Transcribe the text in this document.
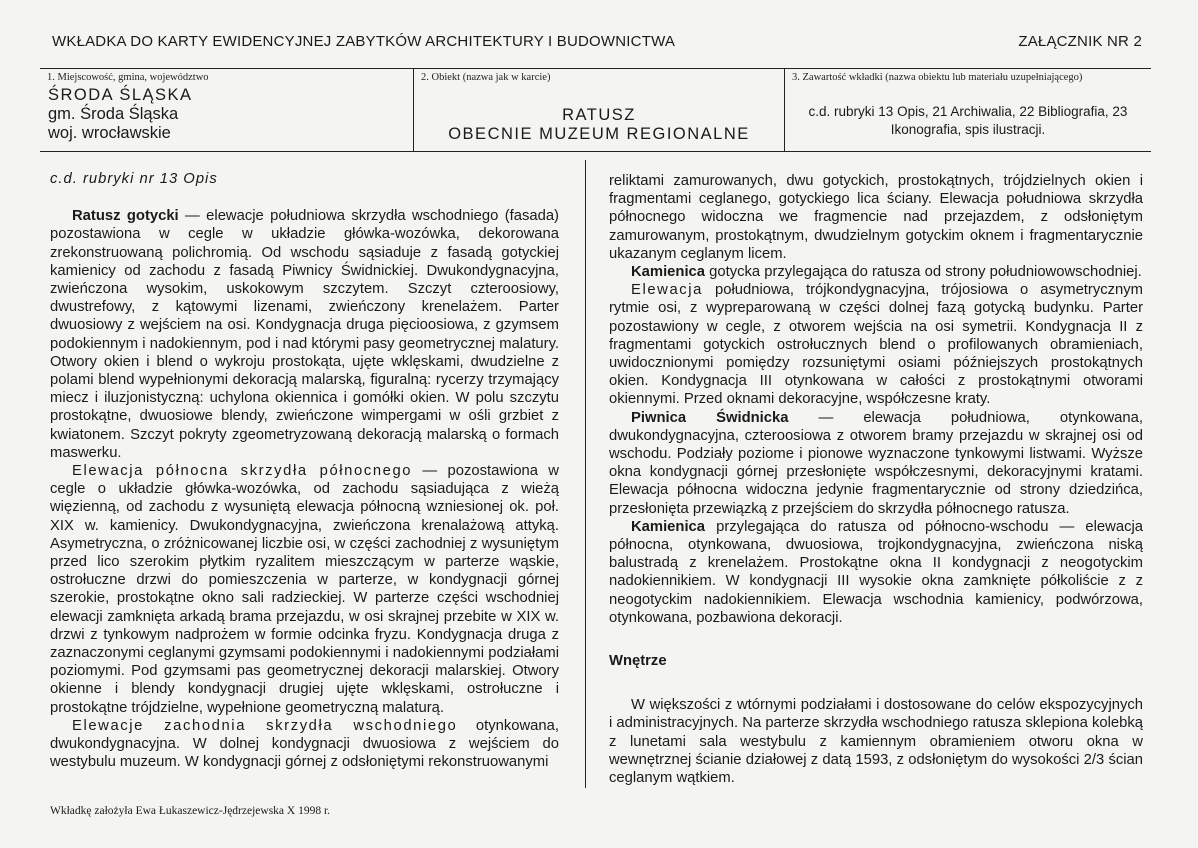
WKŁADKA DO KARTY EWIDENCYJNEJ ZABYTKÓW ARCHITEKTURY I BUDOWNICTWA	ZAŁĄCZNIK NR 2
1. Miejscowość, gmina, województwo
ŚRODA ŚLĄSKA
gm. Środa Śląska
woj. wrocławskie
2. Obiekt (nazwa jak w karcie)
RATUSZ
OBECNIE MUZEUM REGIONALNE
3. Zawartość wkładki (nazwa obiektu lub materiału uzupełniającego)
c.d. rubryki 13 Opis, 21 Archiwalia, 22 Bibliografia, 23
Ikonografia, spis ilustracji.

c.d. rubryki nr 13 Opis

Ratusz gotycki — elewacje południowa skrzydła wschodniego (fasada) pozostawiona w cegle w układzie główka-wozówka, dekorowana zrekonstruowaną polichromią. Od wschodu sąsiaduje z fasadą gotyckiej kamienicy od zachodu z fasadą Piwnicy Świdnickiej. Dwukondygnacyjna, zwieńczona wysokim, uskokowym szczytem. Szczyt czteroosiowy, dwustrefowy, z kątowymi lizenami, zwieńczony krenelażem. Parter dwuosiowy z wejściem na osi. Kondygnacja druga pięcioosiowa, z gzymsem podokiennym i nadokiennym, pod i nad którymi pasy geometrycznej malatury. Otwory okien i blend o wykroju prostokąta, ujęte wklęskami, dwudzielne z polami blend wypełnionymi dekoracją malarską, figuralną: rycerzy trzymający miecz i iluzjonistyczną: uchylona okiennica i gomółki okien. W polu szczytu prostokątne, dwuosiowe blendy, zwieńczone wimpergami w ośli grzbiet z kwiatonem. Szczyt pokryty zgeometryzowaną dekoracją malarską o formach maswerku.

Elewacja północna skrzydła północnego — pozostawiona w cegle o układzie główka-wozówka, od zachodu sąsiadująca z wieżą więzienną, od zachodu z wysuniętą elewacja północną wzniesionej ok. poł. XIX w. kamienicy. Dwukondygnacyjna, zwieńczona krenalażową attyką. Asymetryczna, o zróżnicowanej liczbie osi, w części zachodniej z wysuniętym przed lico szerokim płytkim ryzalitem mieszczącym w parterze wąskie, ostrołuczne drzwi do pomieszczenia w parterze, w kondygnacji górnej szerokie, prostokątne okno sali radzieckiej. W parterze części wschodniej elewacji zamknięta arkadą brama przejazdu, w osi skrajnej przebite w XIX w. drzwi z tynkowym nadprożem w formie odcinka fryzu. Kondygnacja druga z zaznaczonymi ceglanymi gzymsami podokiennymi i nadokiennymi podziałami poziomymi. Pod gzymsami pas geometrycznej dekoracji malarskiej. Otwory okienne i blendy kondygnacji drugiej ujęte wklęskami, ostrołuczne i prostokątne trójdzielne, wypełnione geometryczną malaturą.

Elewacje zachodnia skrzydła wschodniego otynkowana, dwukondygnacyjna. W dolnej kondygnacji dwuosiowa z wejściem do westybulu muzeum. W kondygnacji górnej z odsłoniętymi rekonstruowanymi

reliktami zamurowanych, dwu gotyckich, prostokątnych, trójdzielnych okien i fragmentami ceglanego, gotyckiego lica ściany. Elewacja południowa skrzydła północnego widoczna we fragmencie nad przejazdem, z odsłoniętym zamurowanym, prostokątnym, dwudzielnym gotyckim oknem i fragmentarycznie ukazanym ceglanym licem.

Kamienica gotycka przylegająca do ratusza od strony południowowschodniej.

Elewacja południowa, trójkondygnacyjna, trójosiowa o asymetrycznym rytmie osi, z wypreparowaną w części dolnej fazą gotycką budynku. Parter pozostawiony w cegle, z otworem wejścia na osi symetrii. Kondygnacja II z fragmentami gotyckich ostrołucznych blend o profilowanych obramieniach, uwidocznionymi pomiędzy rozsuniętymi osiami późniejszych prostokątnych okien. Kondygnacja III otynkowana w całości z prostokątnymi otworami okiennymi. Przed oknami dekoracyjne, współczesne kraty.

Piwnica Świdnicka — elewacja południowa, otynkowana, dwukondygnacyjna, czteroosiowa z otworem bramy przejazdu w skrajnej osi od wschodu. Podziały poziome i pionowe wyznaczone tynkowymi listwami. Wyższe okna kondygnacji górnej przesłonięte współczesnymi, dekoracyjnymi kratami. Elewacja północna widoczna jedynie fragmentarycznie od strony dziedzińca, przesłonięta przewiązką z przejściem do skrzydła północnego ratusza.

Kamienica przylegająca do ratusza od północno-wschodu — elewacja północna, otynkowana, dwuosiowa, trojkondygnacyjna, zwieńczona niską balustradą z krenelażem. Prostokątne okna II kondygnacji z neogotyckim nadokiennikiem. W kondygnacji III wysokie okna zamknięte półkoliście z z neogotyckim nadokiennikiem. Elewacja wschodnia kamienicy, podwórzowa, otynkowana, pozbawiona dekoracji.

Wnętrze

W większości z wtórnymi podziałami i dostosowane do celów ekspozycyjnych i administracyjnych. Na parterze skrzydła wschodniego ratusza sklepiona kolebką z lunetami sala westybulu z kamiennym obramieniem otworu okna w wewnętrznej ścianie działowej z datą 1593, z odsłoniętym do wysokości 2/3 ścian ceglanym wątkiem.

Wkładkę założyła Ewa Łukaszewicz-Jędrzejewska X 1998 r.
